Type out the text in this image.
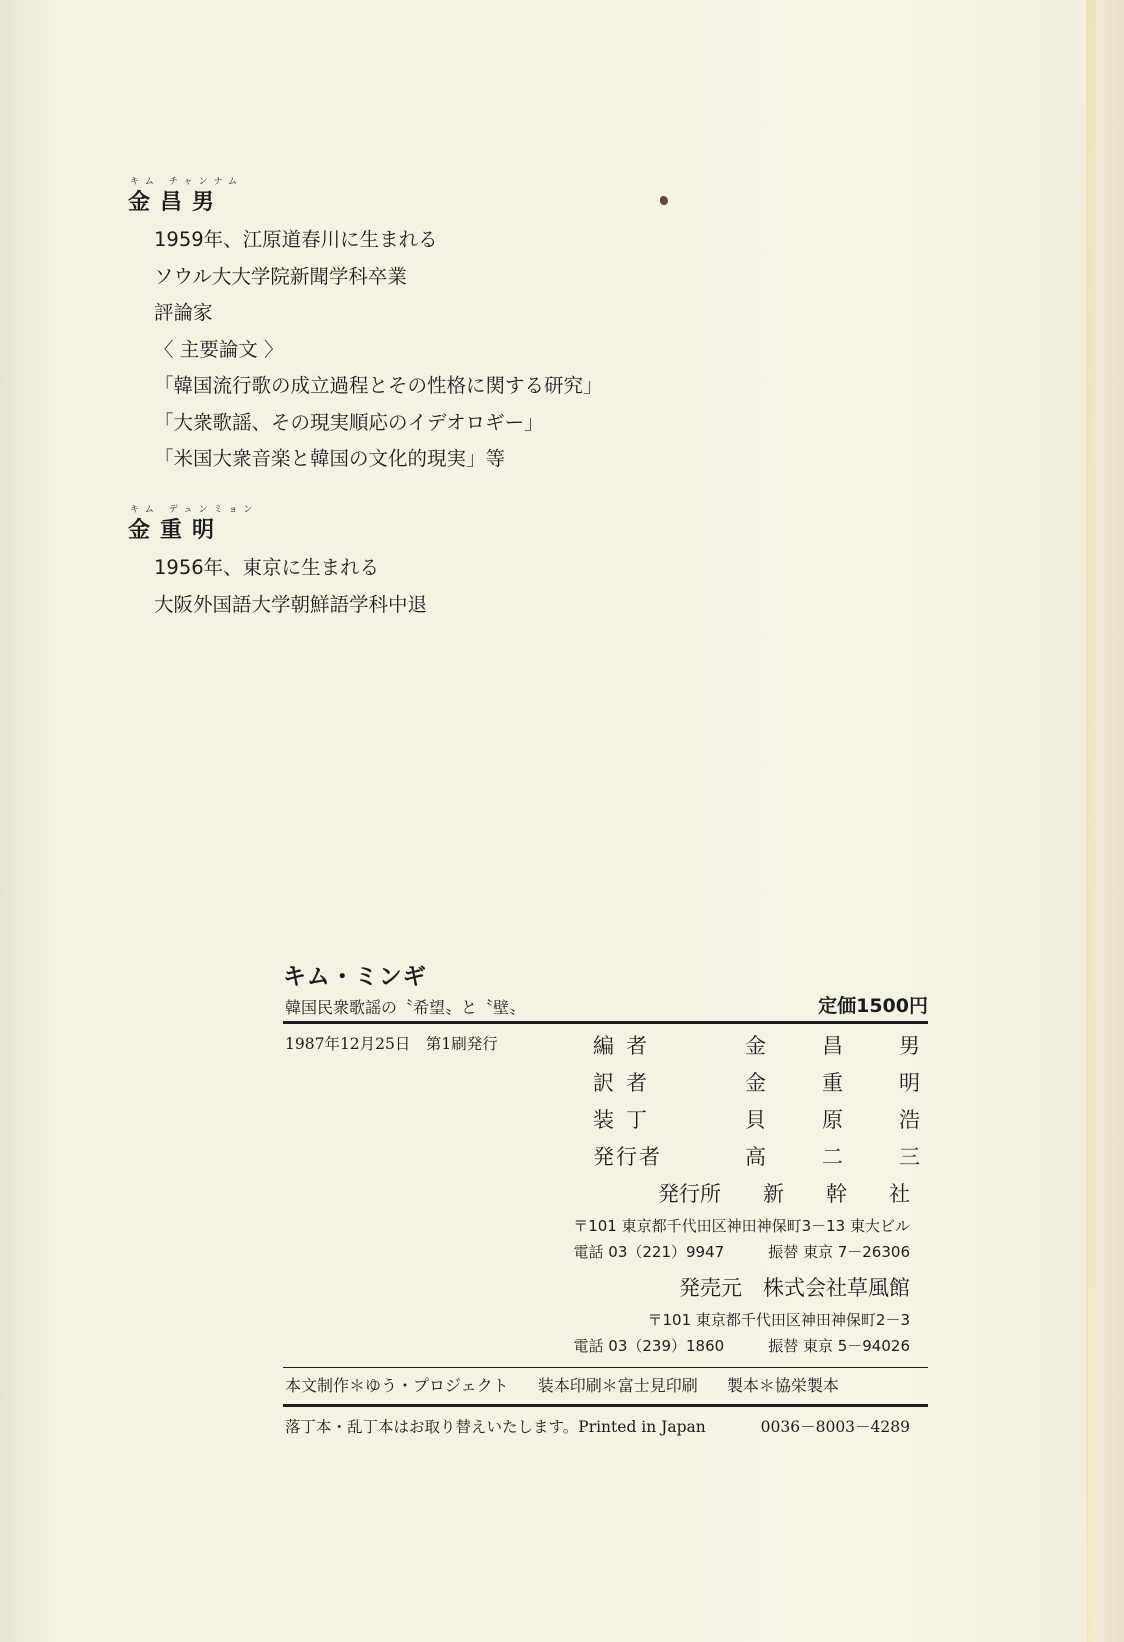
キム チャンナム
金昌男
1959年、江原道春川に生まれる
ソウル大大学院新聞学科卒業
評論家
〈 主要論文 〉
「韓国流行歌の成立過程とその性格に関する研究」
「大衆歌謡、その現実順応のイデオロギー」
「米国大衆音楽と韓国の文化的現実」等
キム デュンミョン
金重明
1956年、東京に生まれる
大阪外国語大学朝鮮語学科中退
キム・ミンギ
韓国民衆歌謡の〝希望〟と〝壁〟	定価1500円
1987年12月25日　第1刷発行	編者	金	昌	男
訳者	金	重	明
装丁	貝	原	浩
発行者	高	二	三
発行所　　新　　幹　　社
〒101 東京都千代田区神田神保町3－13 東大ビル
電話 03（221）9947	振替 東京 7－26306
発売元　株式会社草風館
〒101 東京都千代田区神田神保町2－3
電話 03（239）1860	振替 東京 5－94026
本文制作＊ゆう・プロジェクト 装本印刷＊富士見印刷 製本＊協栄製本
落丁本・乱丁本はお取り替えいたします。Printed in Japan	0036－8003－4289
